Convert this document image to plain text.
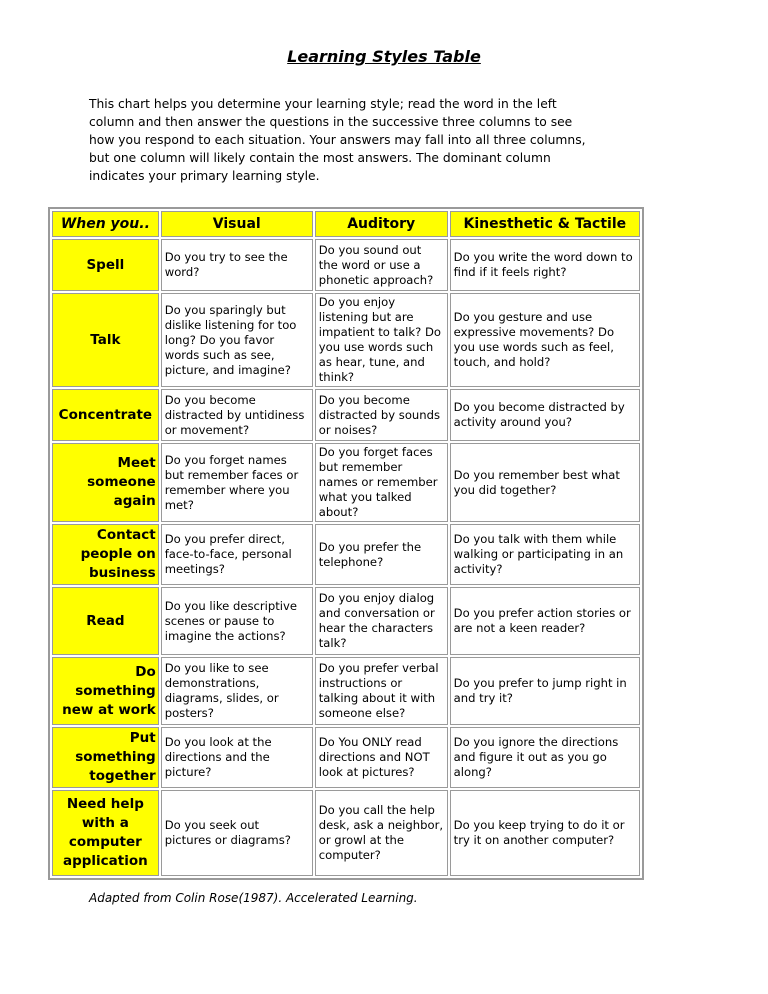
Learning Styles Table
This chart helps you determine your learning style; read the word in the left column and then answer the questions in the successive three columns to see how you respond to each situation. Your answers may fall into all three columns, but one column will likely contain the most answers. The dominant column indicates your primary learning style.
When you..	Visual	Auditory	Kinesthetic & Tactile
Spell	Do you try to see the word?	Do you sound out the word or use a phonetic approach?	Do you write the word down to find if it feels right?
Talk	Do you sparingly but dislike listening for too long? Do you favor words such as see, picture, and imagine?	Do you enjoy listening but are impatient to talk? Do you use words such as hear, tune, and think?	Do you gesture and use expressive movements? Do you use words such as feel, touch, and hold?
Concentrate	Do you become distracted by untidiness or movement?	Do you become distracted by sounds or noises?	Do you become distracted by activity around you?
Meet someone again	Do you forget names but remember faces or remember where you met?	Do you forget faces but remember names or remember what you talked about?	Do you remember best what you did together?
Contact people on business	Do you prefer direct, face-to-face, personal meetings?	Do you prefer the telephone?	Do you talk with them while walking or participating in an activity?
Read	Do you like descriptive scenes or pause to imagine the actions?	Do you enjoy dialog and conversation or hear the characters talk?	Do you prefer action stories or are not a keen reader?
Do something new at work	Do you like to see demonstrations, diagrams, slides, or posters?	Do you prefer verbal instructions or talking about it with someone else?	Do you prefer to jump right in and try it?
Put something together	Do you look at the directions and the picture?	Do You ONLY read directions and NOT look at pictures?	Do you ignore the directions and figure it out as you go along?
Need help with a computer application	Do you seek out pictures or diagrams?	Do you call the help desk, ask a neighbor, or growl at the computer?	Do you keep trying to do it or try it on another computer?
Adapted from Colin Rose(1987). Accelerated Learning.
